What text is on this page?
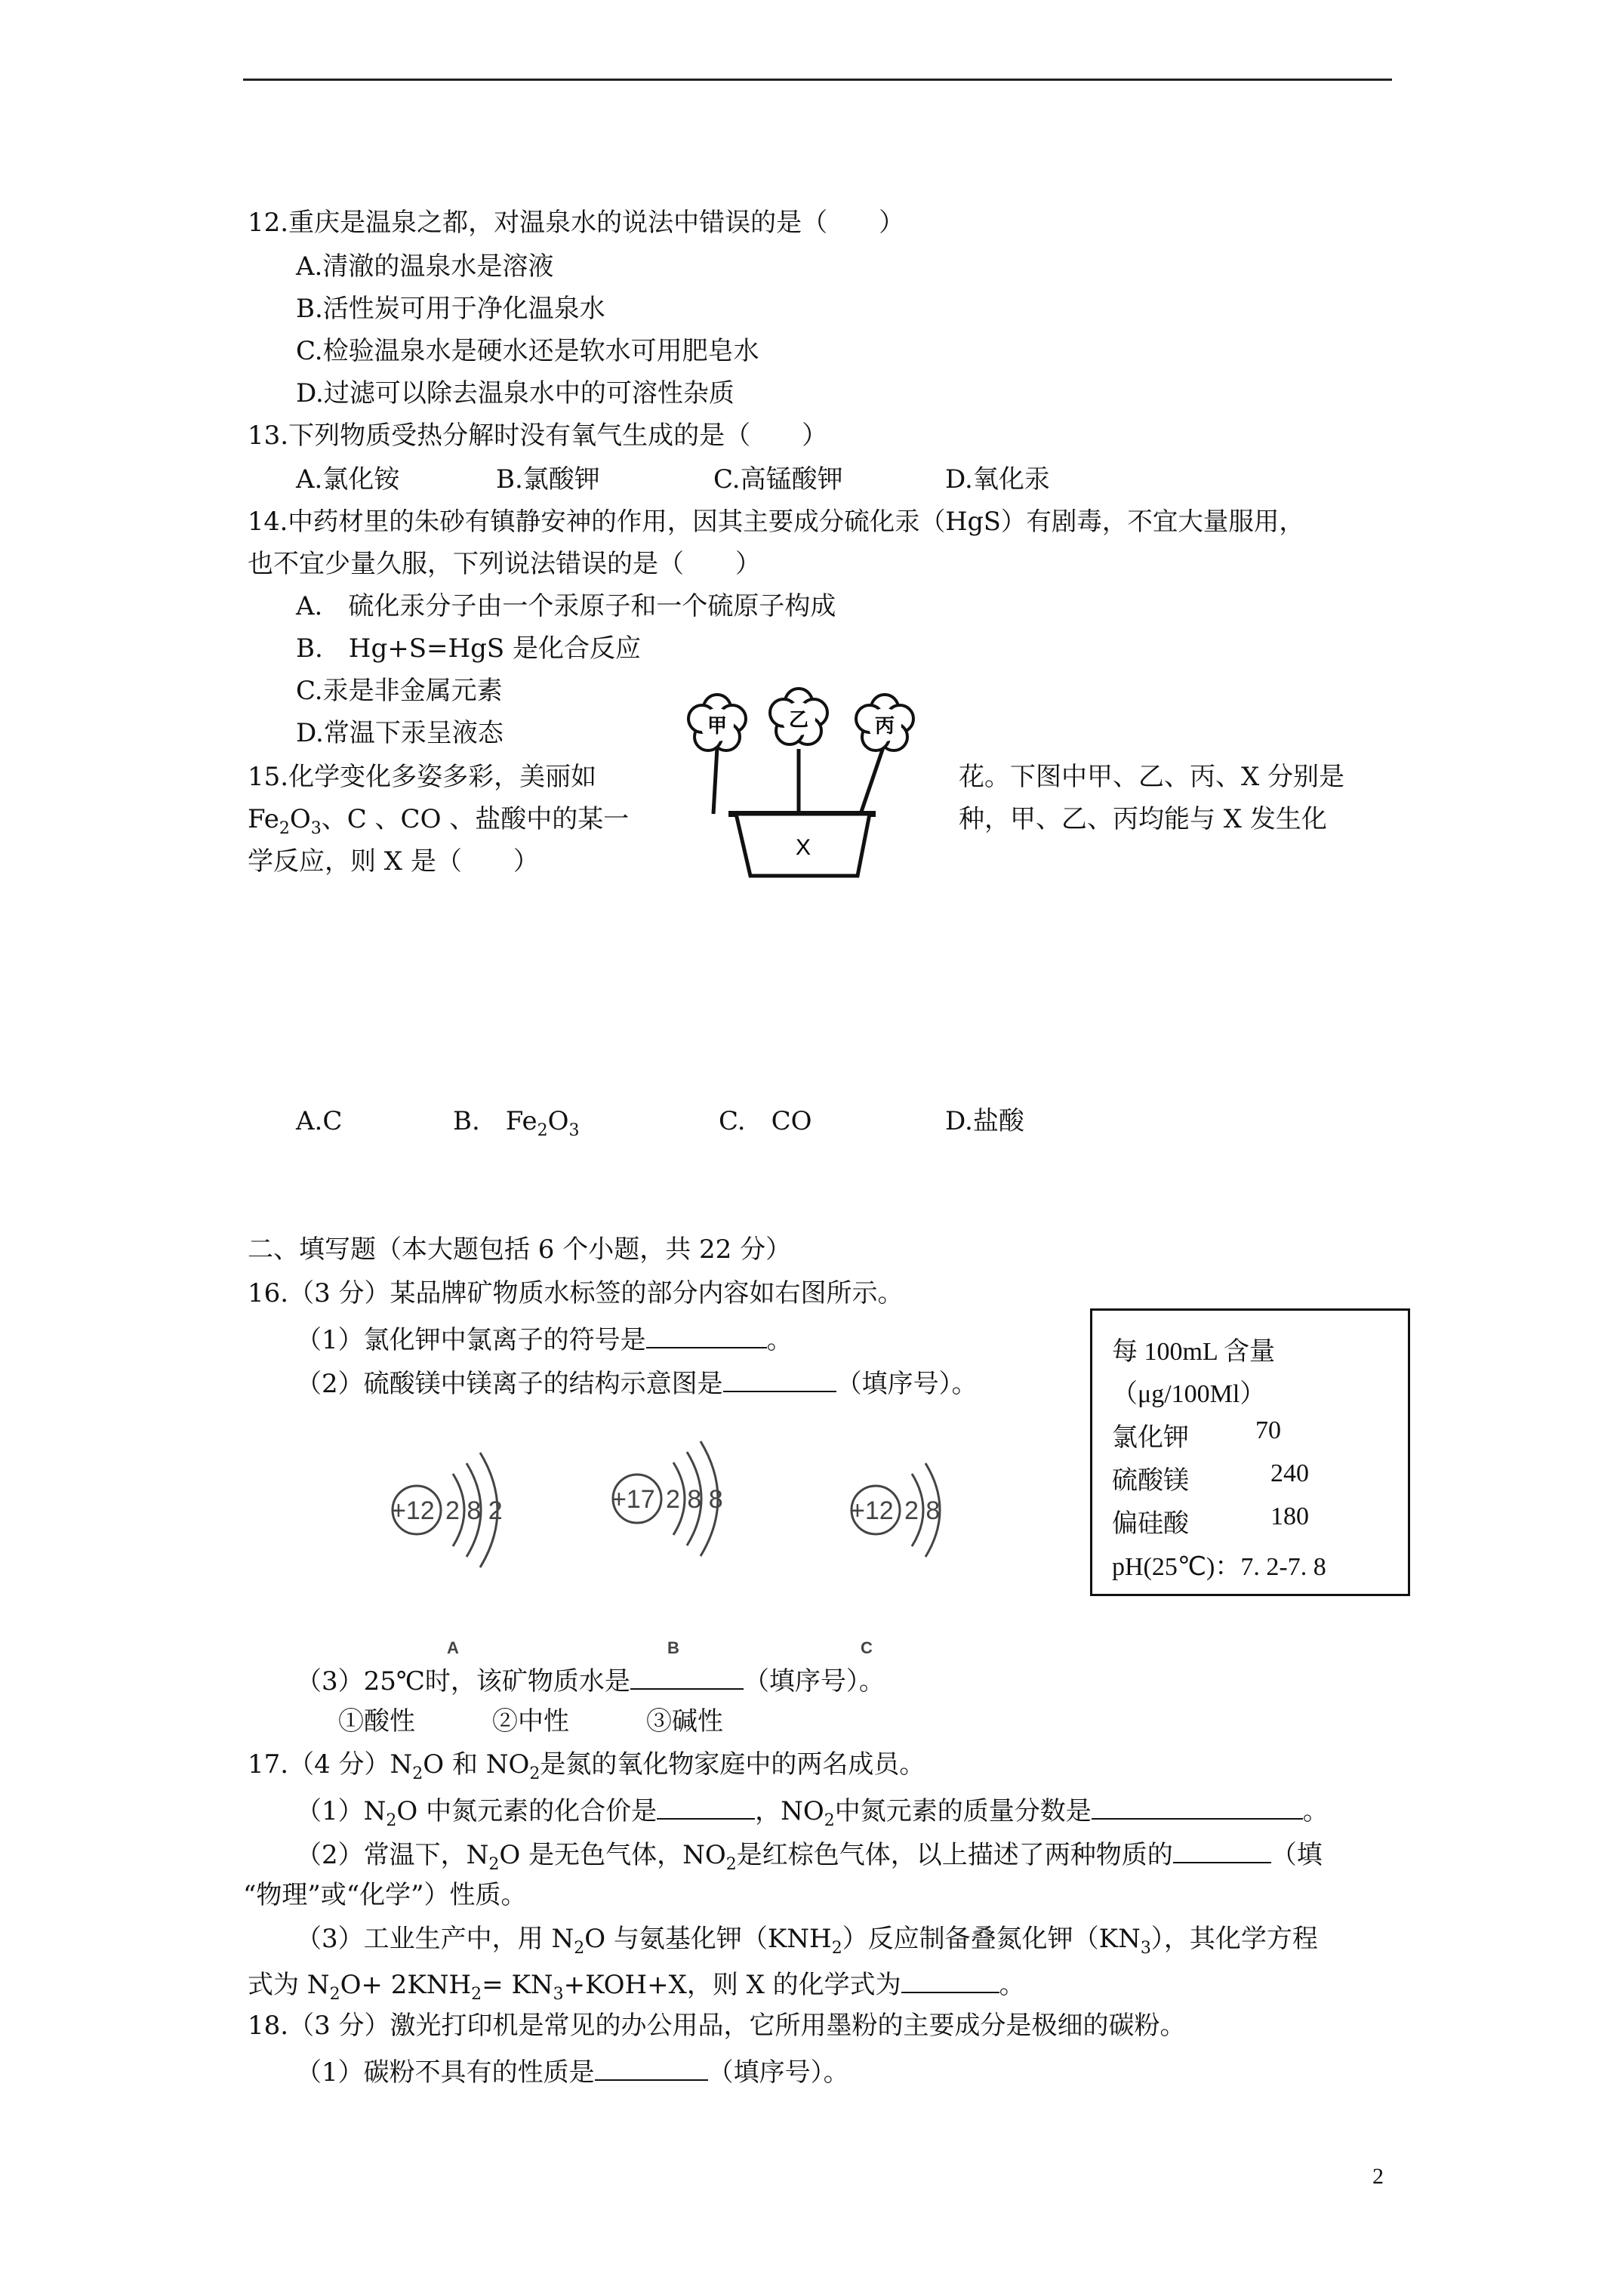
12.重庆是温泉之都，对温泉水的说法中错误的是（　　）
A.清澈的温泉水是溶液
B.活性炭可用于净化温泉水
C.检验温泉水是硬水还是软水可用肥皂水
D.过滤可以除去温泉水中的可溶性杂质
13.下列物质受热分解时没有氧气生成的是（　　）
A.氯化铵	B.氯酸钾	C.高锰酸钾	D.氧化汞
14.中药材里的朱砂有镇静安神的作用，因其主要成分硫化汞（HgS）有剧毒，不宜大量服用，
也不宜少量久服，下列说法错误的是（　　）
A.　硫化汞分子由一个汞原子和一个硫原子构成
B.　Hg+S=HgS 是化合反应
C.汞是非金属元素
D.常温下汞呈液态
15.化学变化多姿多彩，美丽如	花。下图中甲、乙、丙、X 分别是
$Fe_2O_3$、C 、CO 、盐酸中的某一	种，甲、乙、丙均能与 X 发生化
学反应，则 X 是（　　）
甲	乙	丙
X
A.C	B.　$Fe_2O_3$	C.　CO	D.盐酸
二、填写题（本大题包括 6 个小题，共 22 分）
16.（3 分）某品牌矿物质水标签的部分内容如右图所示。
（1）氯化钾中氯离子的符号是	。
（2）硫酸镁中镁离子的结构示意图是	（填序号）。
+12 2 8 2
A
+17 2 8 8
B
+12 2 8
C
每 100mL 含量
（μg/100Ml）
氯化钾	70
硫酸镁	240
偏硅酸	180
pH(25℃)：7. 2-7. 8
（3）25℃时，该矿物质水是	（填序号）。
①酸性　　　②中性　　　③碱性
17.（4 分）$N_2O$ 和 $NO_2$是氮的氧化物家庭中的两名成员。
$(1)N_2O$ 中氮元素的化合价是	，$NO_2$中氮元素的质量分数是	。
（2）常温下，$N_2O$ 是无色气体，$NO_2$是红棕色气体，以上描述了两种物质的	（填
“物理”或“化学”）性质。
（3）工业生产中，用 $N_2O$ 与氨基化钾$(KNH_2)$反应制备叠氮化钾$(KN_3)$，其化学方程
式为 $N_2O+ 2KNH_2= KN_3+KOH+X$，则 X 的化学式为	。
18.（3 分）激光打印机是常见的办公用品，它所用墨粉的主要成分是极细的碳粉。
（1）碳粉不具有的性质是	（填序号）。
2
